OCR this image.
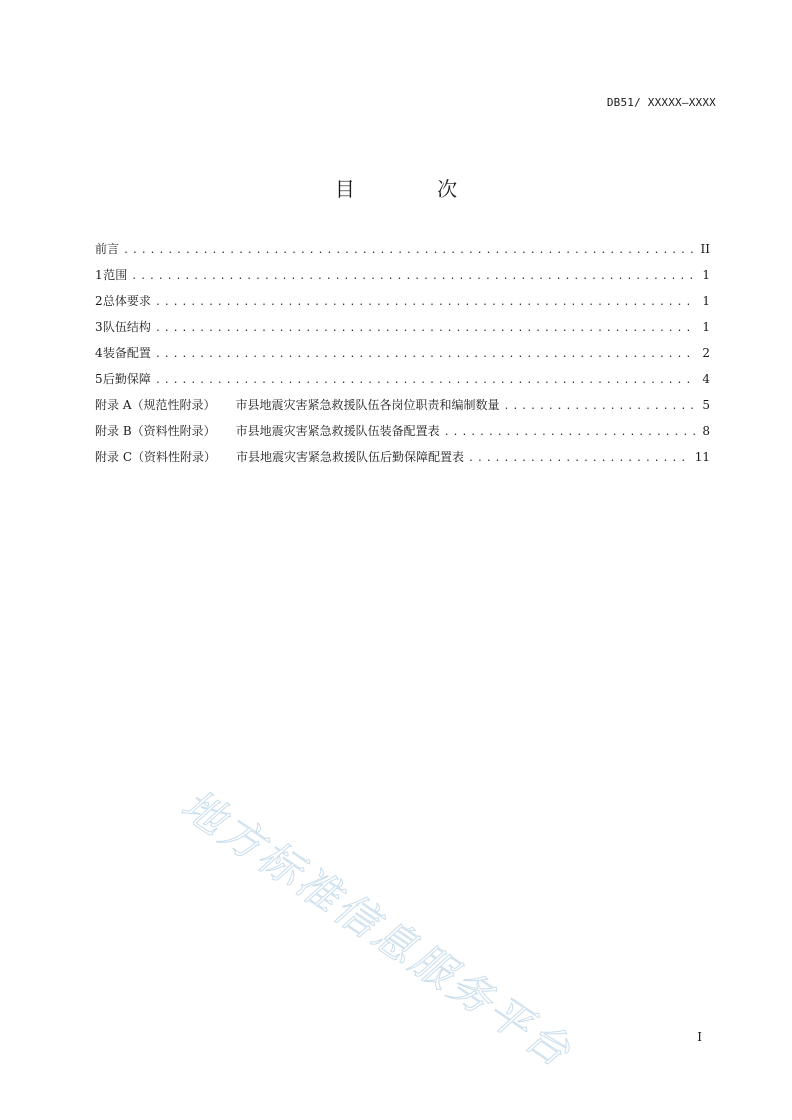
DB51/ XXXXX—XXXX
目 次
前言 . . .	II
1 范围 . . .	1
2 总体要求 . . .	1
3 队伍结构 . . .	1
4 装备配置 . . .	2
5 后勤保障 . . .	4
附录 A（规范性附录） 市县地震灾害紧急救援队伍各岗位职责和编制数量 . . .	5
附录 B（资料性附录） 市县地震灾害紧急救援队伍装备配置表 . . .	8
附录 C（资料性附录） 市县地震灾害紧急救援队伍后勤保障配置表 . . .	11
地方标准信息服务平台	I
